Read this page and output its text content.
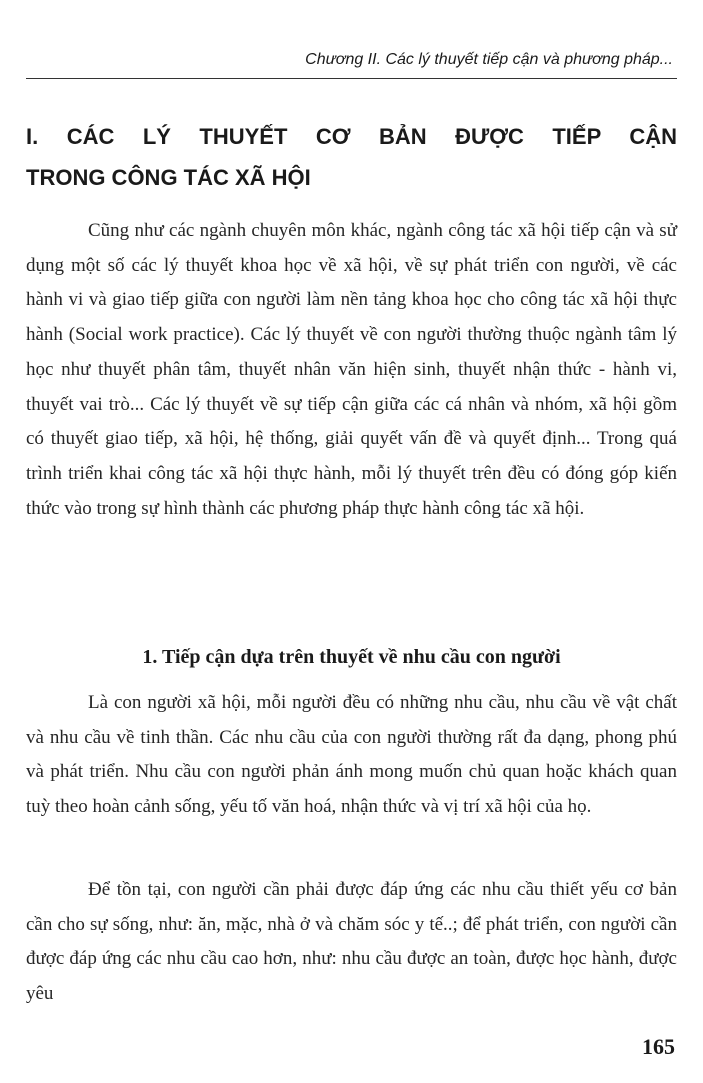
Chương II. Các lý thuyết tiếp cận và phương pháp...
I. CÁC LÝ THUYẾT CƠ BẢN ĐƯỢC TIẾP CẬN
TRONG CÔNG TÁC XÃ HỘI

Cũng như các ngành chuyên môn khác, ngành công tác xã hội tiếp cận và sử dụng một số các lý thuyết khoa học về xã hội, về sự phát triển con người, về các hành vi và giao tiếp giữa con người làm nền tảng khoa học cho công tác xã hội thực hành (Social work practice). Các lý thuyết về con người thường thuộc ngành tâm lý học như thuyết phân tâm, thuyết nhân văn hiện sinh, thuyết nhận thức - hành vi, thuyết vai trò... Các lý thuyết về sự tiếp cận giữa các cá nhân và nhóm, xã hội gồm có thuyết giao tiếp, xã hội, hệ thống, giải quyết vấn đề và quyết định... Trong quá trình triển khai công tác xã hội thực hành, mỗi lý thuyết trên đều có đóng góp kiến thức vào trong sự hình thành các phương pháp thực hành công tác xã hội.

1. Tiếp cận dựa trên thuyết về nhu cầu con người

Là con người xã hội, mỗi người đều có những nhu cầu, nhu cầu về vật chất và nhu cầu về tinh thần. Các nhu cầu của con người thường rất đa dạng, phong phú và phát triển. Nhu cầu con người phản ánh mong muốn chủ quan hoặc khách quan tuỳ theo hoàn cảnh sống, yếu tố văn hoá, nhận thức và vị trí xã hội của họ.

Để tồn tại, con người cần phải được đáp ứng các nhu cầu thiết yếu cơ bản cần cho sự sống, như: ăn, mặc, nhà ở và chăm sóc y tế..; để phát triển, con người cần được đáp ứng các nhu cầu cao hơn, như: nhu cầu được an toàn, được học hành, được yêu

165
